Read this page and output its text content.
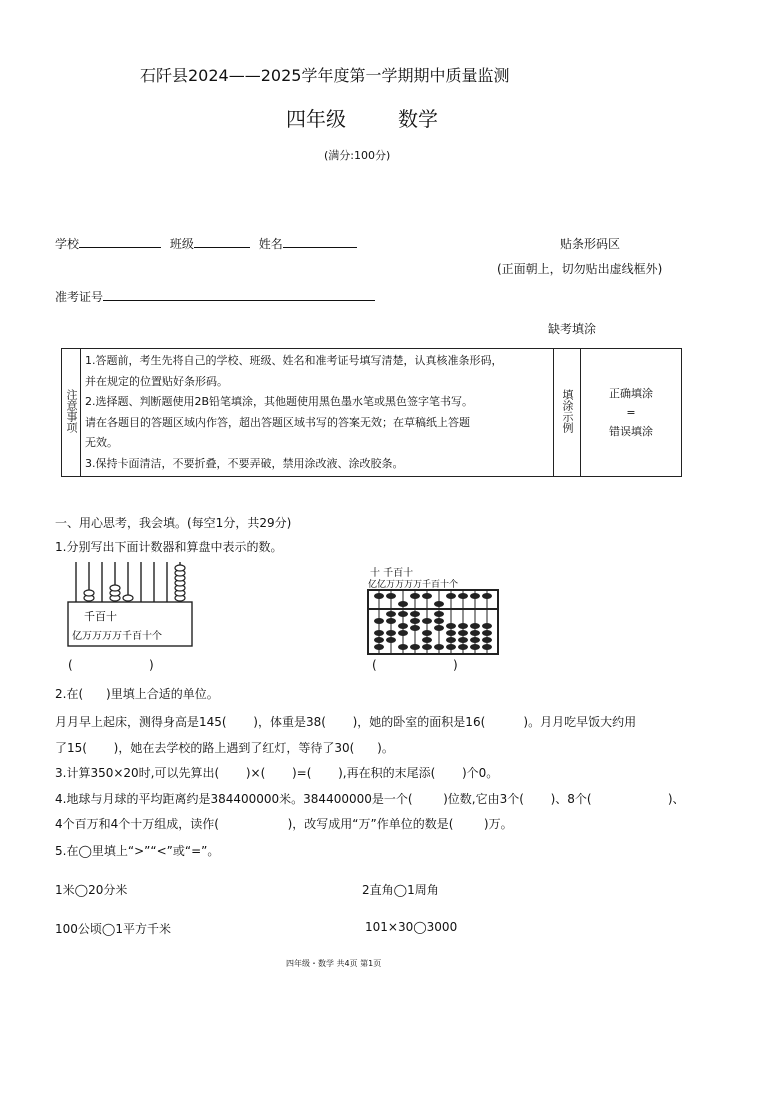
石阡县2024——2025学年度第一学期期中质量监测
四年级	数学
(满分:100分)
学校	班级	姓名	贴条形码区
(正面朝上，切勿贴出虚线框外)
准考证号
缺考填涂
注意事项	
1.答题前，考生先将自己的学校、班级、姓名和准考证号填写清楚，认真核准条形码，
并在规定的位置贴好条形码。
2.选择题、判断题使用2B铅笔填涂，其他题使用黑色墨水笔或黑色签字笔书写。
请在各题目的答题区域内作答，超出答题区域书写的答案无效；在草稿纸上答题
无效。
3.保持卡面清洁，不要折叠，不要弄破，禁用涂改液、涂改胶条。
	填涂示例	正确填涂
=
错误填涂
一、用心思考，我会填。(每空1分，共29分)
1.分别写出下面计数器和算盘中表示的数。
千百十
亿万万万万千百十个
十 千百十
亿亿万万万万千百十个
(                    )	(                    )
2.在(      )里填上合适的单位。
月月早上起床，测得身高是145(       )，体重是38(       )，她的卧室的面积是16(          )。月月吃早饭大约用
了15(       )，她在去学校的路上遇到了红灯，等待了30(      )。
3.计算350×20时,可以先算出(       )×(       )=(       ),再在积的末尾添(       )个0。
4.地球与月球的平均距离约是384400000米。384400000是一个(        )位数,它由3个(       )、8个(                    )、
4个百万和4个十万组成，读作(                  )，改写成用“万”作单位的数是(        )万。
5.在◯里填上“>”“<”或“=”。
1米◯20分米	2直角◯1周角
100公顷◯1平方千米	101×30◯3000
四年级・数学 共4页 第1页
